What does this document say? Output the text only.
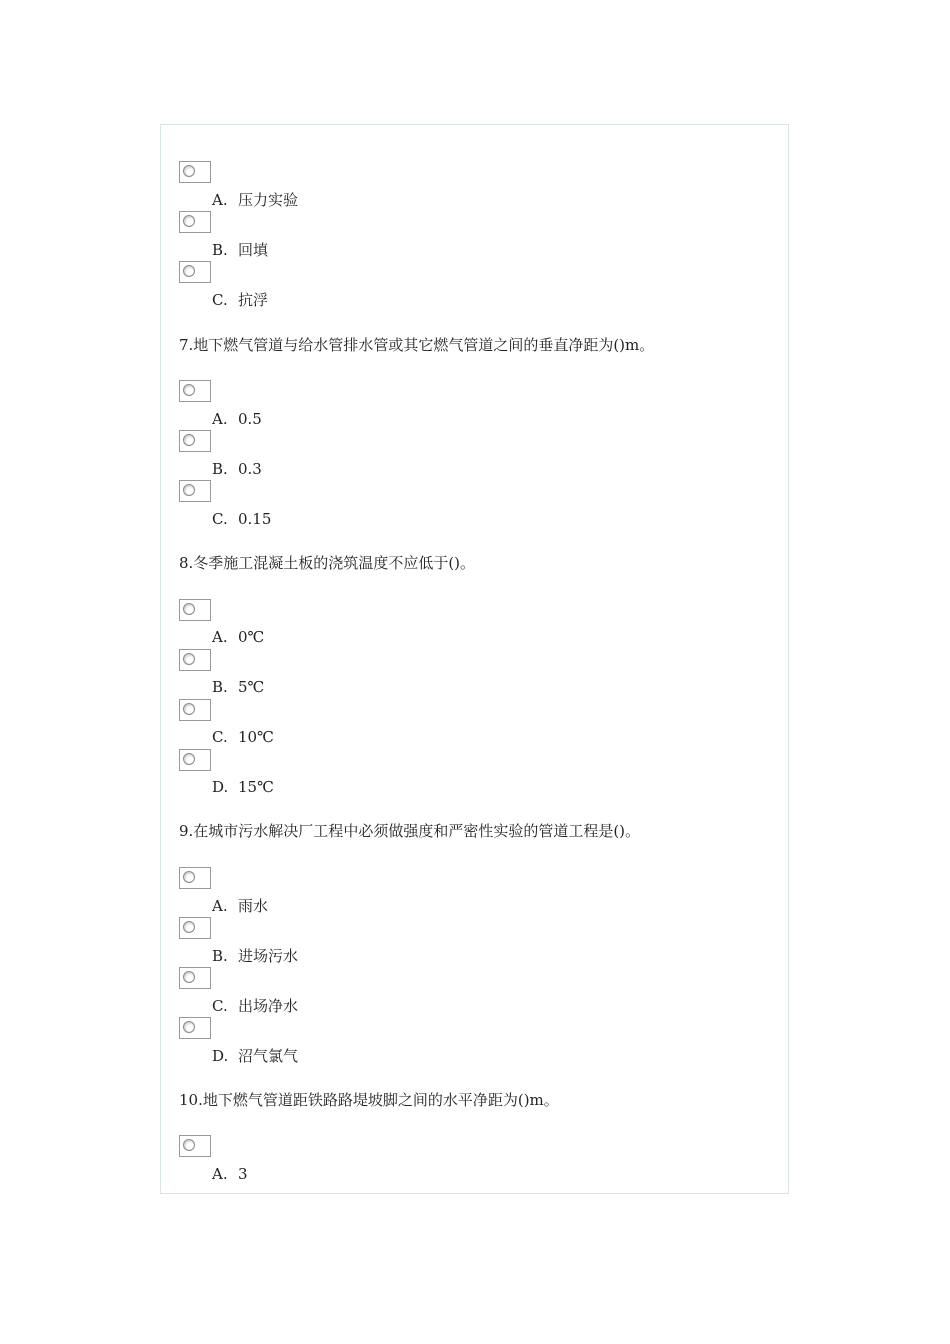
A. 压力实验
B. 回填
C. 抗浮
7.地下燃气管道与给水管排水管或其它燃气管道之间的垂直净距为()m。
A. 0.5
B. 0.3
C. 0.15
8.冬季施工混凝土板的浇筑温度不应低于()。
A. 0℃
B. 5℃
C. 10℃
D. 15℃
9.在城市污水解决厂工程中必须做强度和严密性实验的管道工程是()。
A. 雨水
B. 进场污水
C. 出场净水
D. 沼气氯气
10.地下燃气管道距铁路路堤坡脚之间的水平净距为()m。
A. 3
